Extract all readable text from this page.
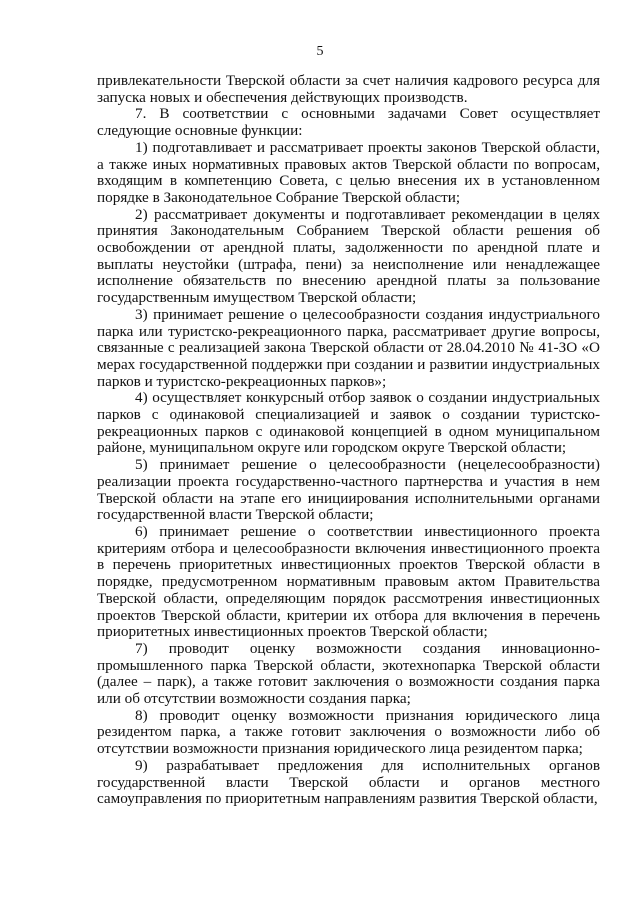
5

привлекательности Тверской области за счет наличия кадрового ресурса для запуска новых и обеспечения действующих производств.

7. В соответствии с основными задачами Совет осуществляет следующие основные функции:

1) подготавливает и рассматривает проекты законов Тверской области, а также иных нормативных правовых актов Тверской области по вопросам, входящим в компетенцию Совета, с целью внесения их в установленном порядке в Законодательное Собрание Тверской области;

2) рассматривает документы и подготавливает рекомендации в целях принятия Законодательным Собранием Тверской области решения об освобождении от арендной платы, задолженности по арендной плате и выплаты неустойки (штрафа, пени) за неисполнение или ненадлежащее исполнение обязательств по внесению арендной платы за пользование государственным имуществом Тверской области;

3) принимает решение о целесообразности создания индустриального парка или туристско-рекреационного парка, рассматривает другие вопросы, связанные с реализацией закона Тверской области от 28.04.2010 № 41-ЗО «О мерах государственной поддержки при создании и развитии индустриальных парков и туристско-рекреационных парков»;

4) осуществляет конкурсный отбор заявок о создании индустриальных парков с одинаковой специализацией и заявок о создании туристско-рекреационных парков с одинаковой концепцией в одном муниципальном районе, муниципальном округе или городском округе Тверской области;

5) принимает решение о целесообразности (нецелесообразности) реализации проекта государственно-частного партнерства и участия в нем Тверской области на этапе его инициирования исполнительными органами государственной власти Тверской области;

6) принимает решение о соответствии инвестиционного проекта критериям отбора и целесообразности включения инвестиционного проекта в перечень приоритетных инвестиционных проектов Тверской области в порядке, предусмотренном нормативным правовым актом Правительства Тверской области, определяющим порядок рассмотрения инвестиционных проектов Тверской области, критерии их отбора для включения в перечень приоритетных инвестиционных проектов Тверской области;

7) проводит оценку возможности создания инновационно-промышленного парка Тверской области, экотехнопарка Тверской области (далее – парк), а также готовит заключения о возможности создания парка или об отсутствии возможности создания парка;

8) проводит оценку возможности признания юридического лица резидентом парка, а также готовит заключения о возможности либо об отсутствии возможности признания юридического лица резидентом парка;

9) разрабатывает предложения для исполнительных органов государственной власти Тверской области и органов местного самоуправления по приоритетным направлениям развития Тверской области,
